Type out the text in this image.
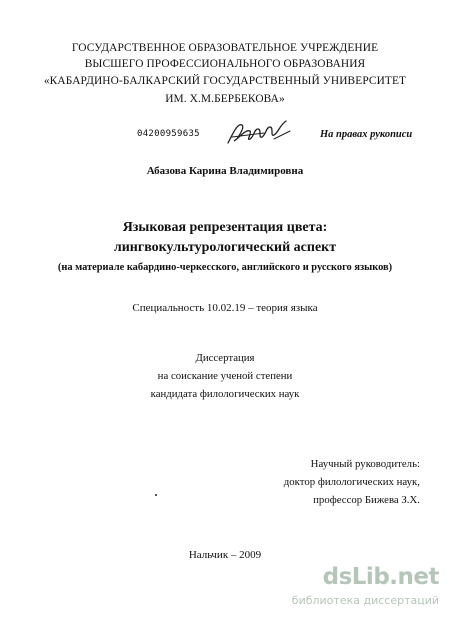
ГОСУДАРСТВЕННОЕ ОБРАЗОВАТЕЛЬНОЕ УЧРЕЖДЕНИЕ
ВЫСШЕГО ПРОФЕССИОНАЛЬНОГО ОБРАЗОВАНИЯ
«КАБАРДИНО-БАЛКАРСКИЙ ГОСУДАРСТВЕННЫЙ УНИВЕРСИТЕТ
ИМ. Х.М.БЕРБЕКОВА»
04200959635	На правах рукописи
Абазова Карина Владимировна
Языковая репрезентация цвета:
лингвокультурологический аспект
(на материале кабардино-черкесского, английского и русского языков)
Специальность 10.02.19 – теория языка
Диссертация
на соискание ученой степени
кандидата филологических наук
Научный руководитель:
доктор филологических наук,
профессор Бижева З.Х.
Нальчик – 2009
dsLib.net
библиотека диссертаций
